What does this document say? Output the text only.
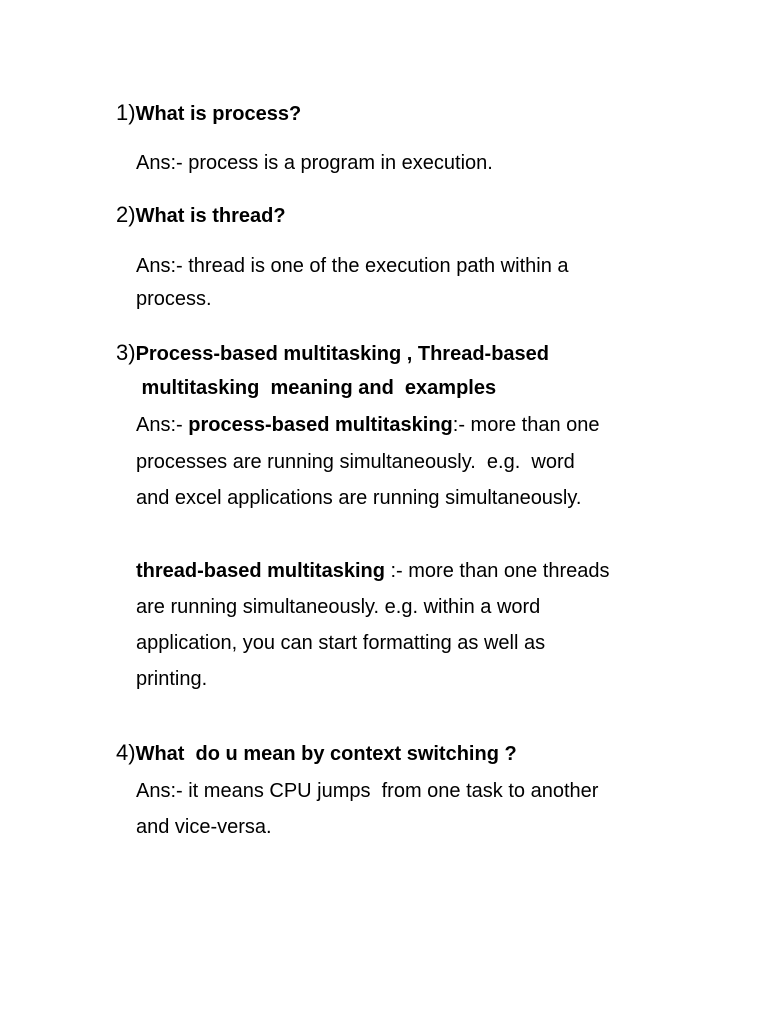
1)What is process?
Ans:- process is a program in execution.
2)What is thread?
Ans:- thread is one of the execution path within a
process.
3)Process-based multitasking , Thread-based
multitasking  meaning and  examples
Ans:- process-based multitasking:- more than one
processes are running simultaneously.  e.g.  word
and excel applications are running simultaneously.
thread-based multitasking :- more than one threads
are running simultaneously. e.g. within a word
application, you can start formatting as well as
printing.
4)What  do u mean by context switching ?
Ans:- it means CPU jumps  from one task to another
and vice-versa.
